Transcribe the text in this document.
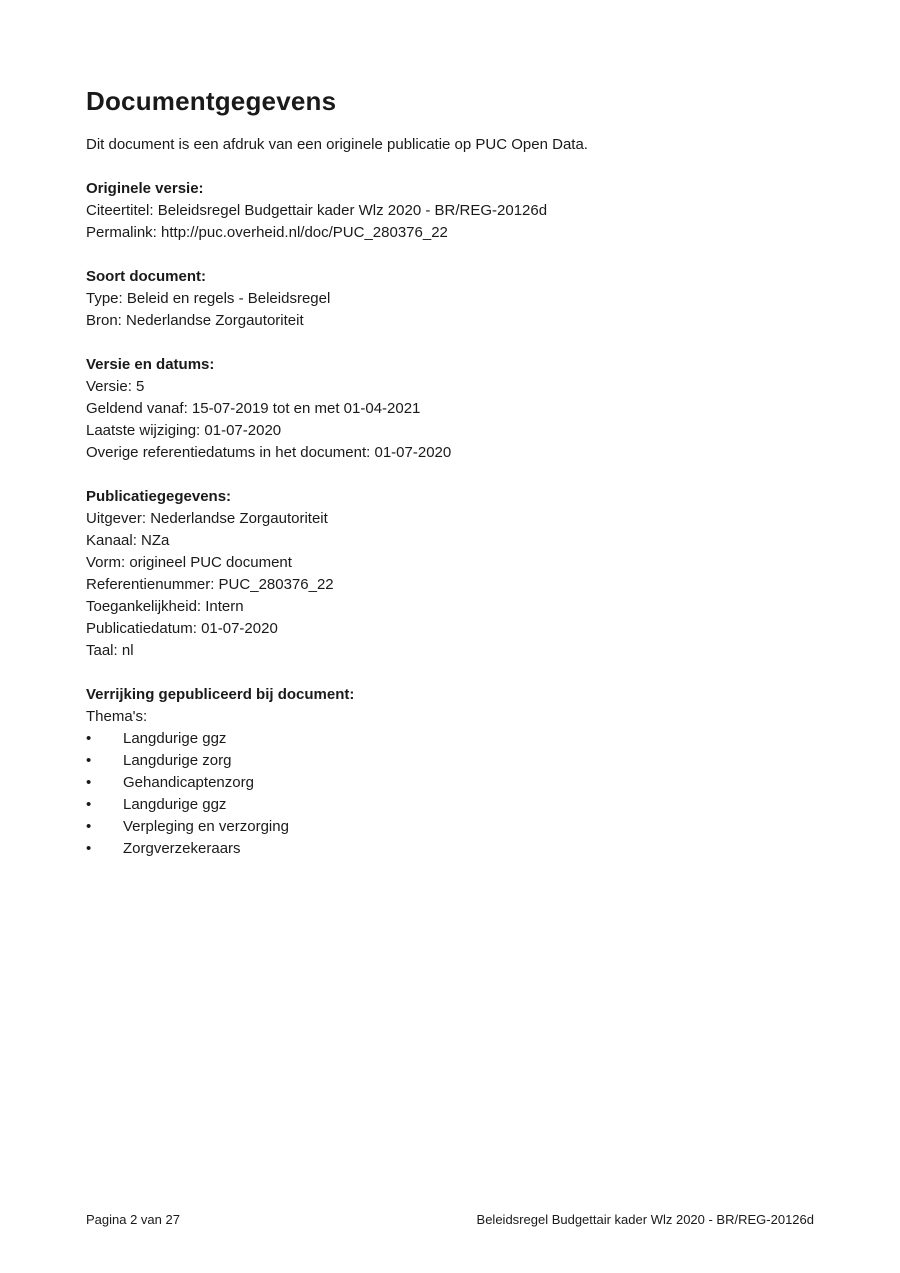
Documentgegevens

Dit document is een afdruk van een originele publicatie op PUC Open Data.

Originele versie:
Citeertitel: Beleidsregel Budgettair kader Wlz 2020 - BR/REG-20126d
Permalink: http://puc.overheid.nl/doc/PUC_280376_22
Soort document:
Type: Beleid en regels - Beleidsregel
Bron: Nederlandse Zorgautoriteit
Versie en datums:
Versie: 5
Geldend vanaf: 15-07-2019 tot en met 01-04-2021
Laatste wijziging: 01-07-2020
Overige referentiedatums in het document: 01-07-2020
Publicatiegegevens:
Uitgever: Nederlandse Zorgautoriteit
Kanaal: NZa
Vorm: origineel PUC document
Referentienummer: PUC_280376_22
Toegankelijkheid: Intern
Publicatiedatum: 01-07-2020
Taal: nl
Verrijking gepubliceerd bij document:
Thema's:
•	Langdurige ggz
•	Langdurige zorg
•	Gehandicaptenzorg
•	Langdurige ggz
•	Verpleging en verzorging
•	Zorgverzekeraars
Pagina 2 van 27	Beleidsregel Budgettair kader Wlz 2020 - BR/REG-20126d
